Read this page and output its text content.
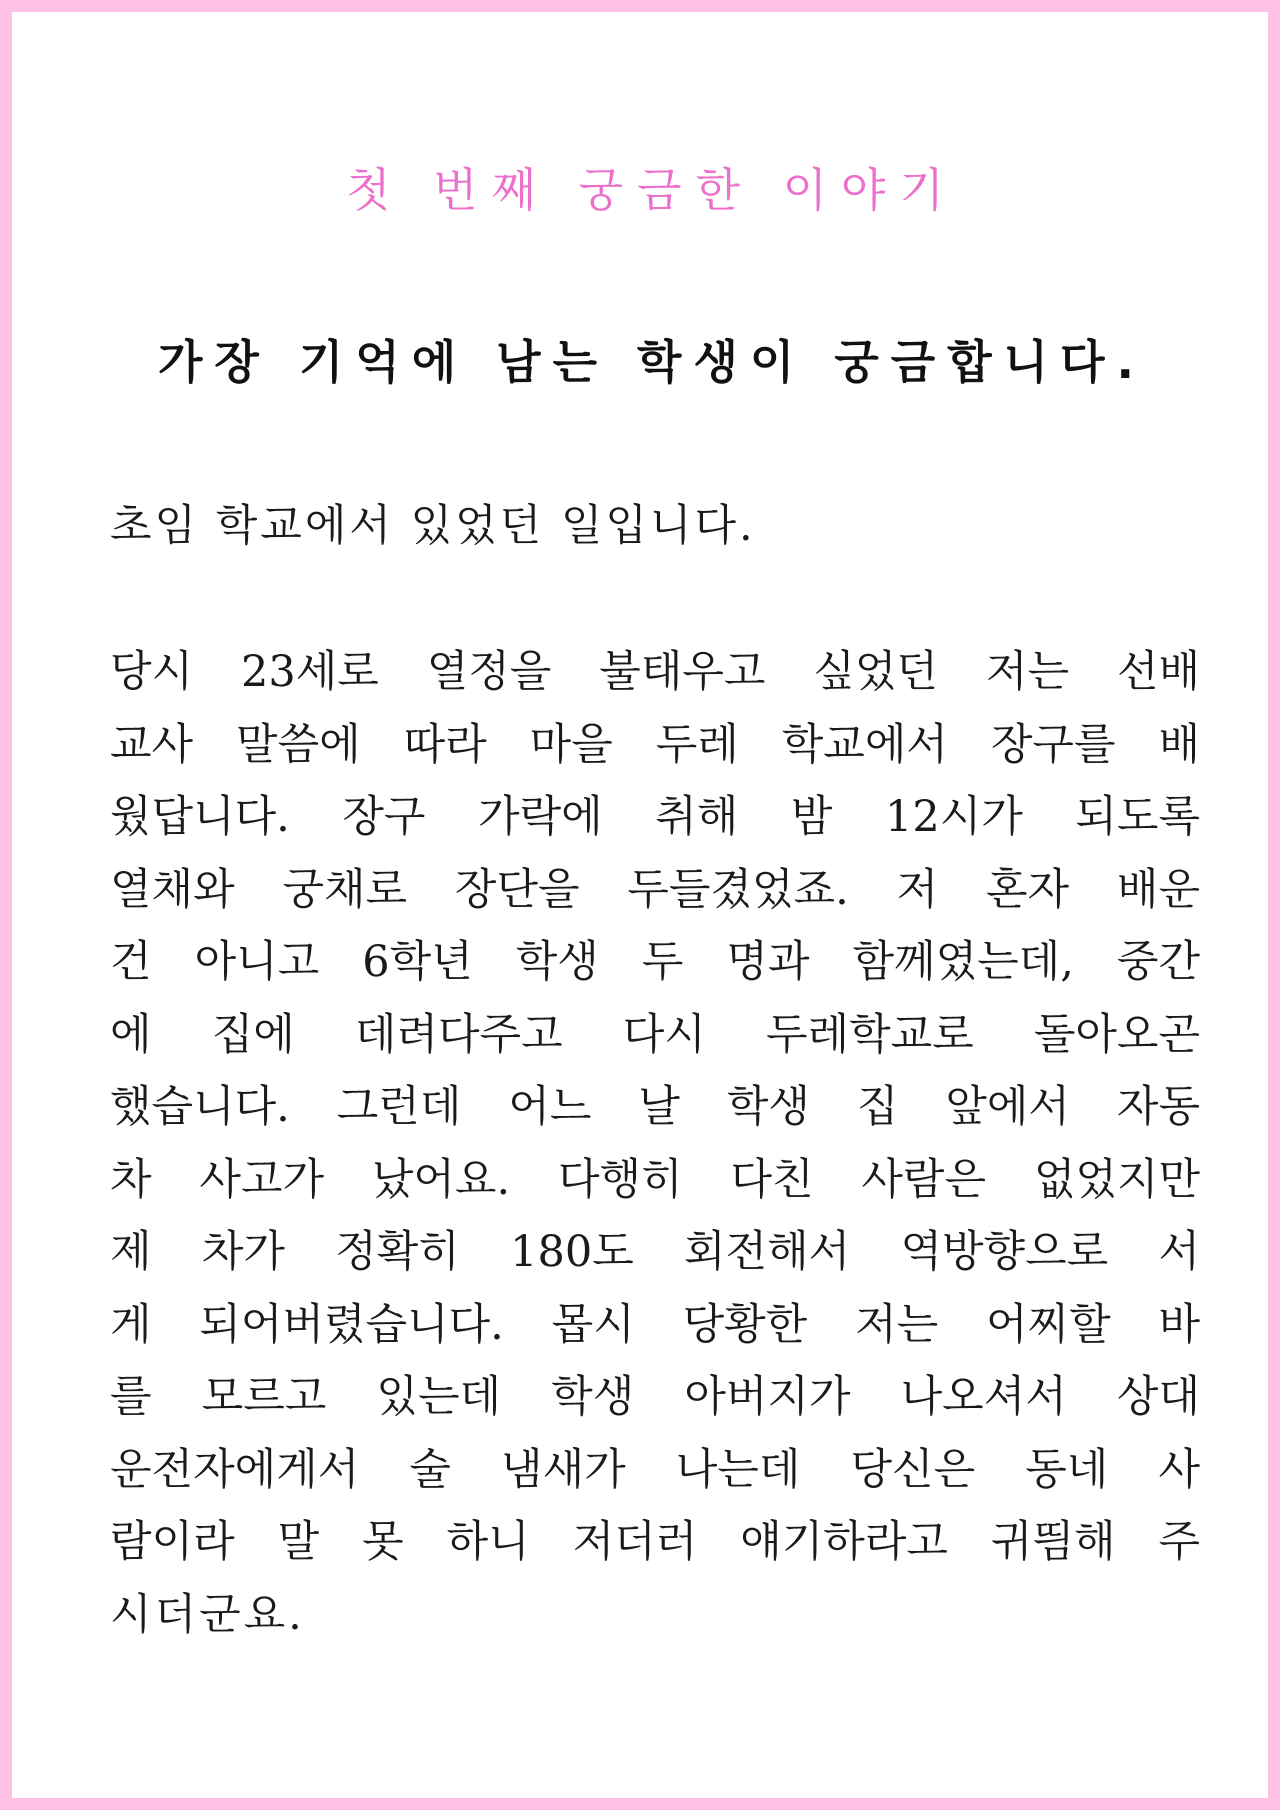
첫 번째 궁금한 이야기
가장 기억에 남는 학생이 궁금합니다.

초임 학교에서 있었던 일입니다.

당시 23세로 열정을 불태우고 싶었던 저는 선배
교사 말씀에 따라 마을 두레 학교에서 장구를 배
웠답니다. 장구 가락에 취해 밤 12시가 되도록
열채와 궁채로 장단을 두들겼었죠. 저 혼자 배운
건 아니고 6학년 학생 두 명과 함께였는데, 중간
에 집에 데려다주고 다시 두레학교로 돌아오곤
했습니다. 그런데 어느 날 학생 집 앞에서 자동
차 사고가 났어요. 다행히 다친 사람은 없었지만
제 차가 정확히 180도 회전해서 역방향으로 서
게 되어버렸습니다. 몹시 당황한 저는 어찌할 바
를 모르고 있는데 학생 아버지가 나오셔서 상대
운전자에게서 술 냄새가 나는데 당신은 동네 사
람이라 말 못 하니 저더러 얘기하라고 귀띔해 주
시더군요.
